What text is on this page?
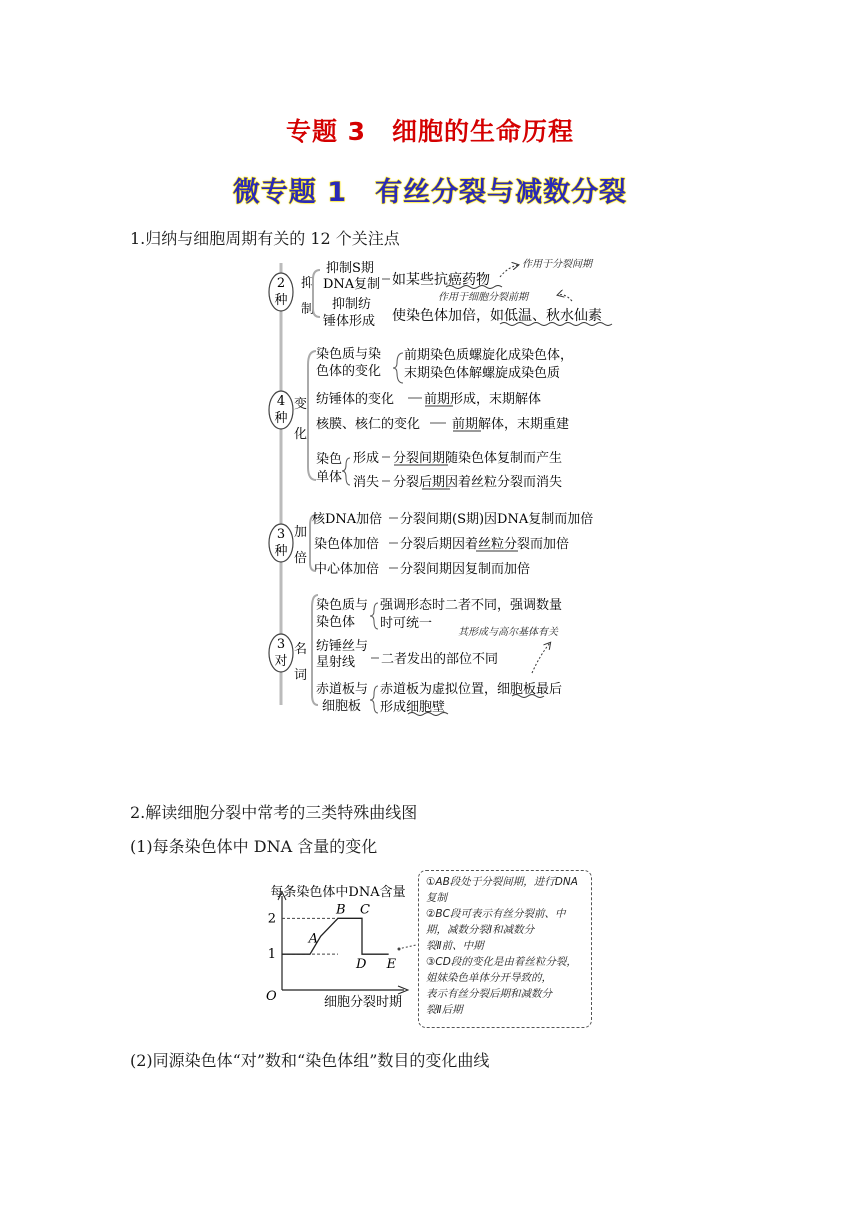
专题 3　细胞的生命历程
微专题 1　有丝分裂与减数分裂
1.归纳与细胞周期有关的 12 个关注点
2
种
抑
制
抑制S期
DNA复制 如某些抗癌药物
作用于分裂间期
抑制纺
锤体形成
作用于细胞分裂前期
使染色体加倍，如低温、秋水仙素
4
种
变
化
染色质与染
色体的变化
前期染色质螺旋化成染色体，
末期染色体解螺旋成染色质
纺锤体的变化 前期形成，末期解体
核膜、核仁的变化 前期解体，末期重建
染色
单体
形成
消失
分裂间期随染色体复制而产生
分裂后期因着丝粒分裂而消失
3
种
加
倍
核DNA加倍 分裂间期(S期)因DNA复制而加倍
染色体加倍 分裂后期因着丝粒分裂而加倍
中心体加倍 分裂间期因复制而加倍
3
对
名
词
染色质与
染色体
强调形态时二者不同，强调数量
时可统一
其形成与高尔基体有关
纺锤丝与
星射线 二者发出的部位不同
赤道板与
细胞板
赤道板为虚拟位置，细胞板最后
形成细胞壁
2.解读细胞分裂中常考的三类特殊曲线图
(1)每条染色体中 DNA 含量的变化
每条染色体中DNA含量
O	细胞分裂时期
1
2
A
B C
D E
①AB段处于分裂间期，进行DNA
复制
②BC段可表示有丝分裂前、中
期，减数分裂Ⅰ和减数分
裂Ⅱ前、中期
③CD段的变化是由着丝粒分裂，
姐妹染色单体分开导致的，
表示有丝分裂后期和减数分
裂Ⅱ后期
(2)同源染色体“对”数和“染色体组”数目的变化曲线
